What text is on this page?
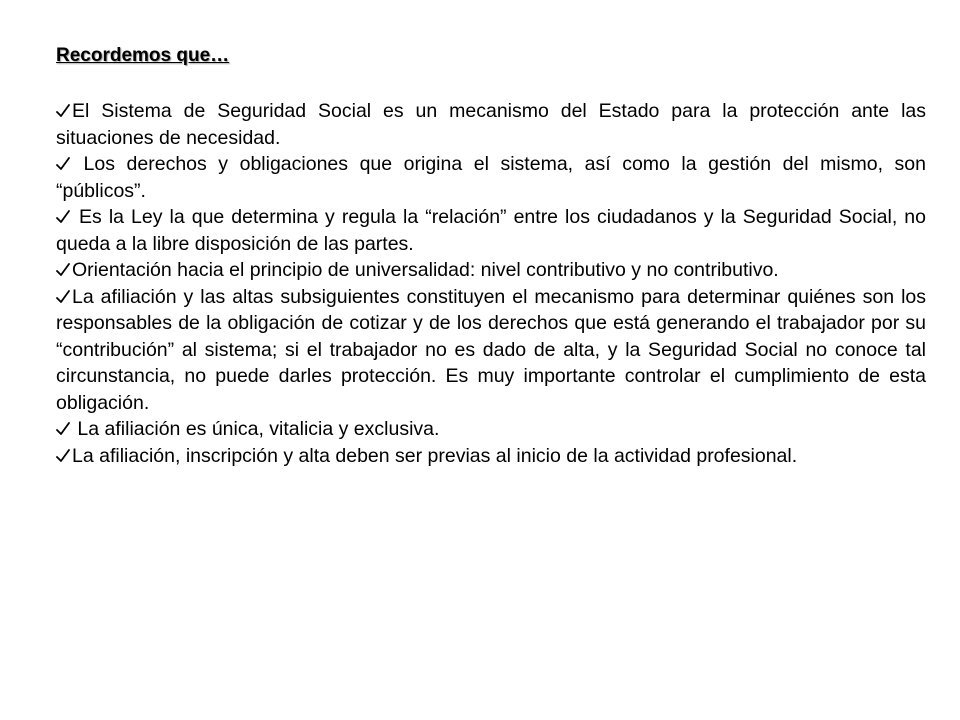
Recordemos que…
El Sistema de Seguridad Social es un mecanismo del Estado para la protección ante las situaciones de necesidad.
Los derechos y obligaciones que origina el sistema, así como la gestión del mismo, son “públicos”.
Es la Ley la que determina y regula la “relación” entre los ciudadanos y la Seguridad Social, no queda a la libre disposición de las partes.
Orientación hacia el principio de universalidad: nivel contributivo y no contributivo.
La afiliación y las altas subsiguientes constituyen el mecanismo para determinar quiénes son los responsables de la obligación de cotizar y de los derechos que está generando el trabajador por su “contribución” al sistema; si el trabajador no es dado de alta, y la Seguridad Social no conoce tal circunstancia, no puede darles protección. Es muy importante controlar el cumplimiento de esta obligación.
La afiliación es única, vitalicia y exclusiva.
La afiliación, inscripción y alta deben ser previas al inicio de la actividad profesional.
